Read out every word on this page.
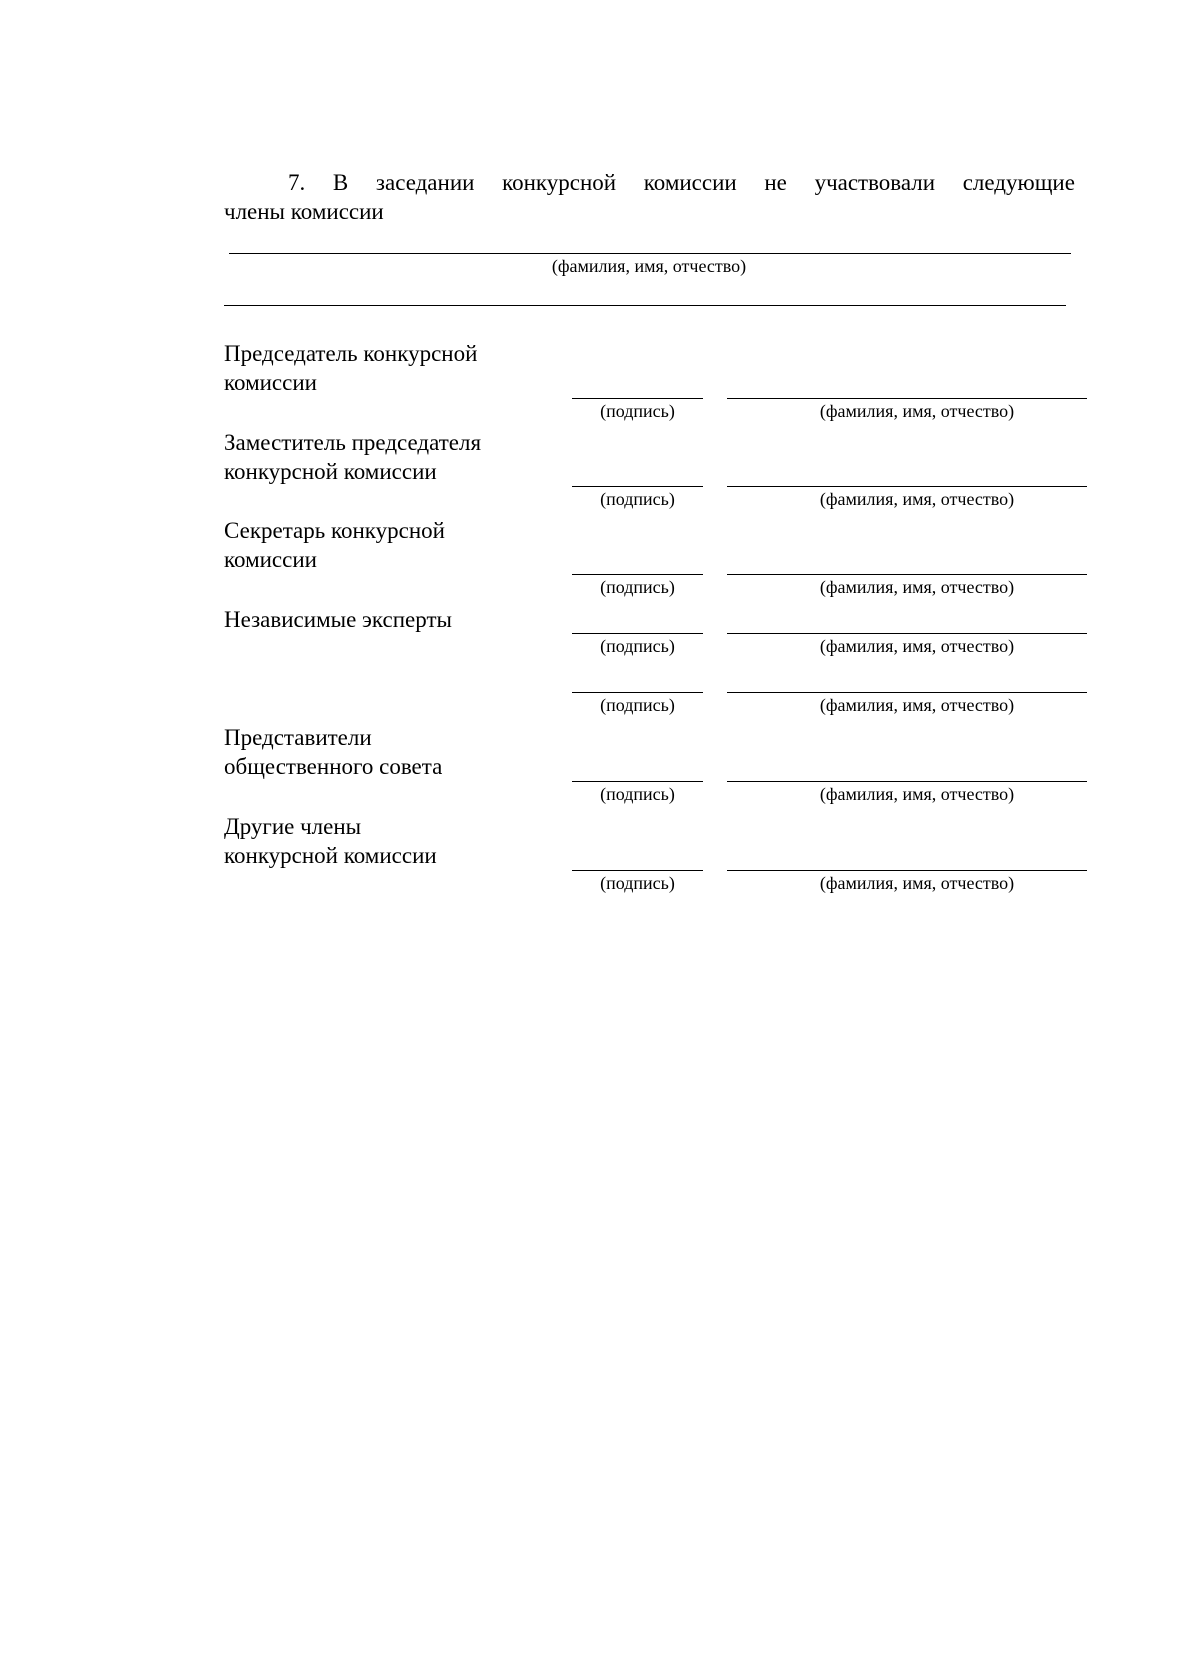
7. В заседании конкурсной комиссии не участвовали следующие
члены комиссии
(фамилия, имя, отчество)
Председатель конкурсной
комиссии
(подпись)	(фамилия, имя, отчество)
Заместитель председателя
конкурсной комиссии
(подпись)	(фамилия, имя, отчество)
Секретарь конкурсной
комиссии
(подпись)	(фамилия, имя, отчество)
Независимые эксперты
(подпись)	(фамилия, имя, отчество)
(подпись)	(фамилия, имя, отчество)
Представители
общественного совета
(подпись)	(фамилия, имя, отчество)
Другие члены
конкурсной комиссии
(подпись)	(фамилия, имя, отчество)
